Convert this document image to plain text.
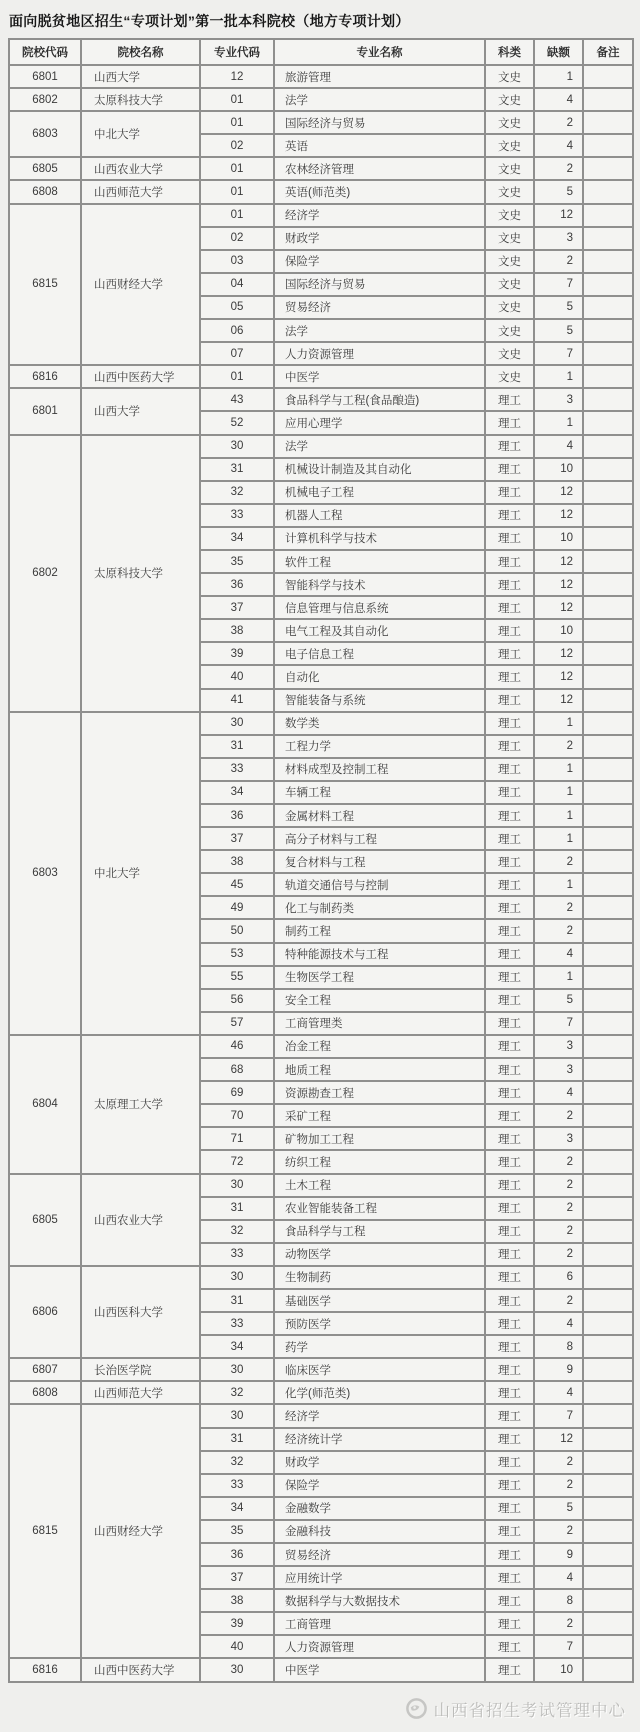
面向脱贫地区招生“专项计划”第一批本科院校（地方专项计划）
院校代码	院校名称	专业代码	专业名称	科类	缺额	备注
6801	山西大学	12	旅游管理	文史	1	
6802	太原科技大学	01	法学	文史	4	
6803	中北大学	01	国际经济与贸易	文史	2	
		02	英语	文史	4	
6805	山西农业大学	01	农林经济管理	文史	2	
6808	山西师范大学	01	英语(师范类)	文史	5	
6815	山西财经大学	01	经济学	文史	12	
		02	财政学	文史	3	
		03	保险学	文史	2	
		04	国际经济与贸易	文史	7	
		05	贸易经济	文史	5	
		06	法学	文史	5	
		07	人力资源管理	文史	7	
6816	山西中医药大学	01	中医学	文史	1	
6801	山西大学	43	食品科学与工程(食品酿造)	理工	3	
		52	应用心理学	理工	1	
6802	太原科技大学	30	法学	理工	4	
		31	机械设计制造及其自动化	理工	10	
		32	机械电子工程	理工	12	
		33	机器人工程	理工	12	
		34	计算机科学与技术	理工	10	
		35	软件工程	理工	12	
		36	智能科学与技术	理工	12	
		37	信息管理与信息系统	理工	12	
		38	电气工程及其自动化	理工	10	
		39	电子信息工程	理工	12	
		40	自动化	理工	12	
		41	智能装备与系统	理工	12	
6803	中北大学	30	数学类	理工	1	
		31	工程力学	理工	2	
		33	材料成型及控制工程	理工	1	
		34	车辆工程	理工	1	
		36	金属材料工程	理工	1	
		37	高分子材料与工程	理工	1	
		38	复合材料与工程	理工	2	
		45	轨道交通信号与控制	理工	1	
		49	化工与制药类	理工	2	
		50	制药工程	理工	2	
		53	特种能源技术与工程	理工	4	
		55	生物医学工程	理工	1	
		56	安全工程	理工	5	
		57	工商管理类	理工	7	
6804	太原理工大学	46	冶金工程	理工	3	
		68	地质工程	理工	3	
		69	资源勘查工程	理工	4	
		70	采矿工程	理工	2	
		71	矿物加工工程	理工	3	
		72	纺织工程	理工	2	
6805	山西农业大学	30	土木工程	理工	2	
		31	农业智能装备工程	理工	2	
		32	食品科学与工程	理工	2	
		33	动物医学	理工	2	
6806	山西医科大学	30	生物制药	理工	6	
		31	基础医学	理工	2	
		33	预防医学	理工	4	
		34	药学	理工	8	
6807	长治医学院	30	临床医学	理工	9	
6808	山西师范大学	32	化学(师范类)	理工	4	
6815	山西财经大学	30	经济学	理工	7	
		31	经济统计学	理工	12	
		32	财政学	理工	2	
		33	保险学	理工	2	
		34	金融数学	理工	5	
		35	金融科技	理工	2	
		36	贸易经济	理工	9	
		37	应用统计学	理工	4	
		38	数据科学与大数据技术	理工	8	
		39	工商管理	理工	2	
		40	人力资源管理	理工	7	
6816	山西中医药大学	30	中医学	理工	10	
山西省招生考试管理中心
